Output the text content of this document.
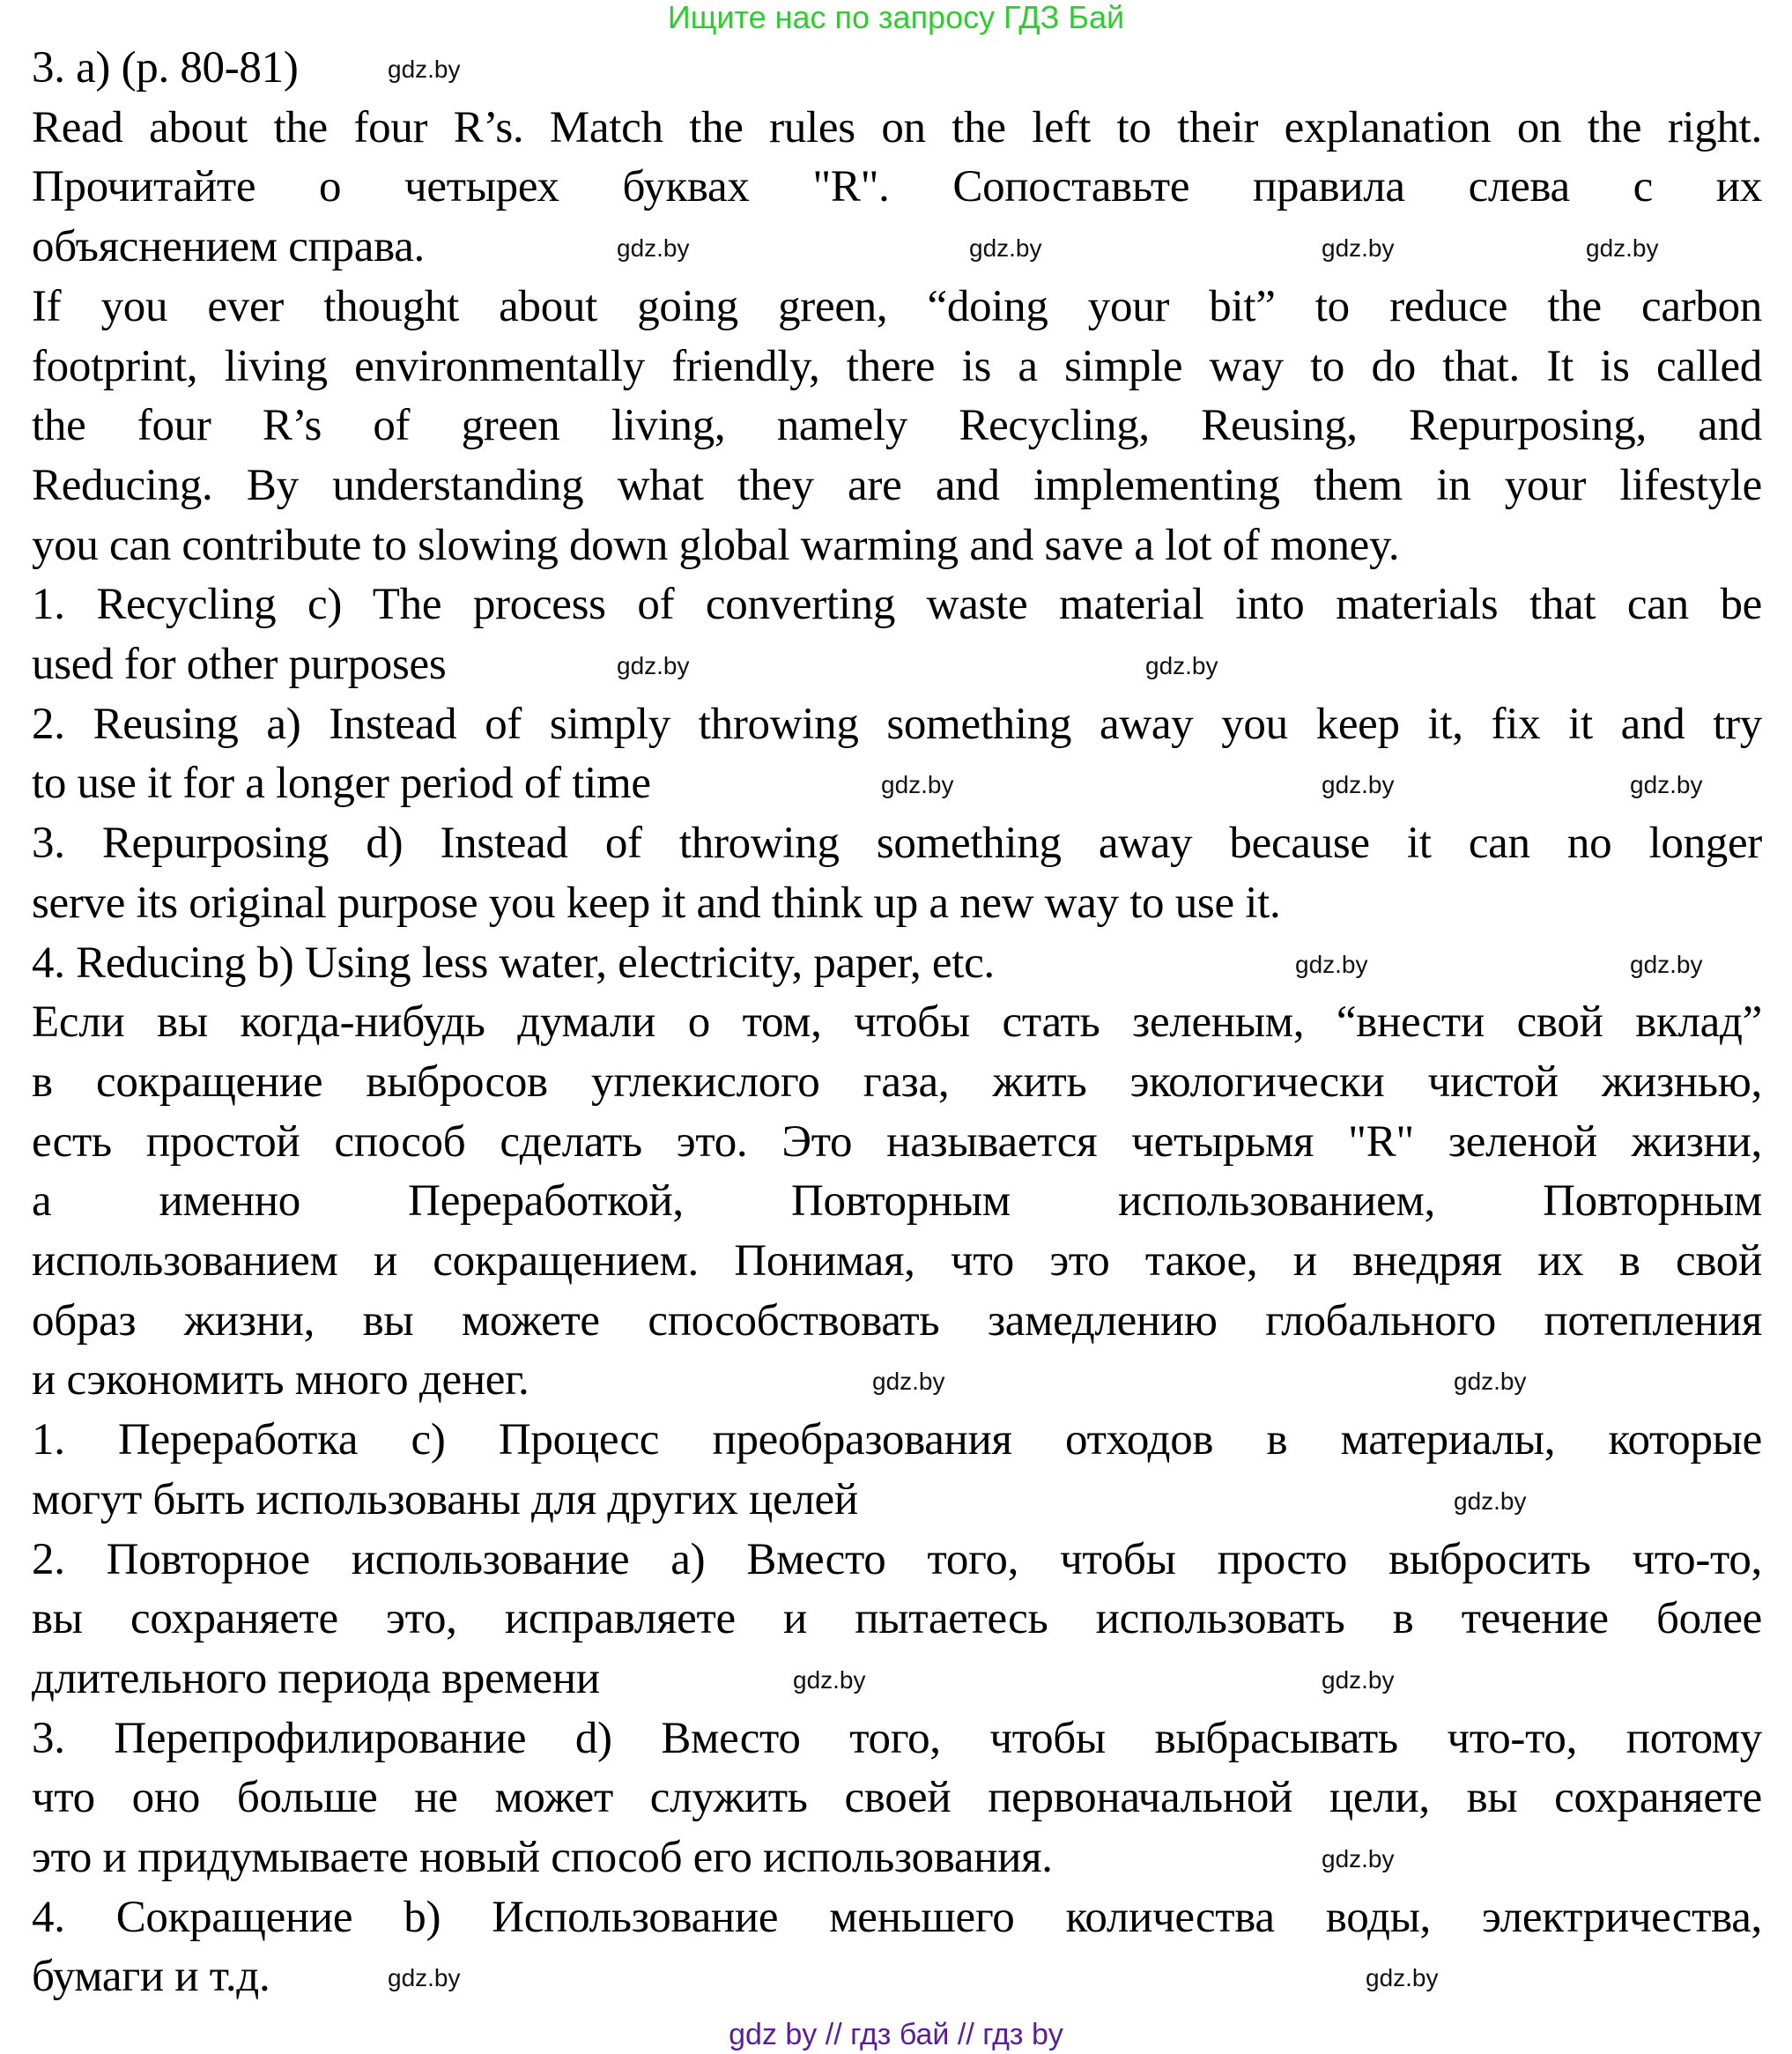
Ищите нас по запросу ГДЗ Бай
3. a) (p. 80-81)
Read about the four R’s. Match the rules on the left to their explanation on the right.
Прочитайте о четырех буквах "R". Сопоставьте правила слева с их
объяснением справа.
If you ever thought about going green, “doing your bit” to reduce the carbon
footprint, living environmentally friendly, there is a simple way to do that. It is called
the four R’s of green living, namely Recycling, Reusing, Repurposing, and
Reducing. By understanding what they are and implementing them in your lifestyle
you can contribute to slowing down global warming and save a lot of money.
1. Recycling c) The process of converting waste material into materials that can be
used for other purposes
2. Reusing a) Instead of simply throwing something away you keep it, fix it and try
to use it for a longer period of time
3. Repurposing d) Instead of throwing something away because it can no longer
serve its original purpose you keep it and think up a new way to use it.
4. Reducing b) Using less water, electricity, paper, etc.
Если вы когда-нибудь думали о том, чтобы стать зеленым, “внести свой вклад”
в сокращение выбросов углекислого газа, жить экологически чистой жизнью,
есть простой способ сделать это. Это называется четырьмя "R" зеленой жизни,
а именно Переработкой, Повторным использованием, Повторным
использованием и сокращением. Понимая, что это такое, и внедряя их в свой
образ жизни, вы можете способствовать замедлению глобального потепления
и сэкономить много денег.
1. Переработка c) Процесс преобразования отходов в материалы, которые
могут быть использованы для других целей
2. Повторное использование a) Вместо того, чтобы просто выбросить что-то,
вы сохраняете это, исправляете и пытаетесь использовать в течение более
длительного периода времени
3. Перепрофилирование d) Вместо того, чтобы выбрасывать что-то, потому
что оно больше не может служить своей первоначальной цели, вы сохраняете
это и придумываете новый способ его использования.
4. Сокращение b) Использование меньшего количества воды, электричества,
бумаги и т.д.
gdz.by
gdz.by	gdz.by	gdz.by	gdz.by
gdz.by	gdz.by
gdz.by	gdz.by	gdz.by
gdz.by	gdz.by
gdz.by	gdz.by
gdz.by
gdz.by	gdz.by
gdz.by
gdz.by	gdz.by
gdz by // гдз бай // гдз by
